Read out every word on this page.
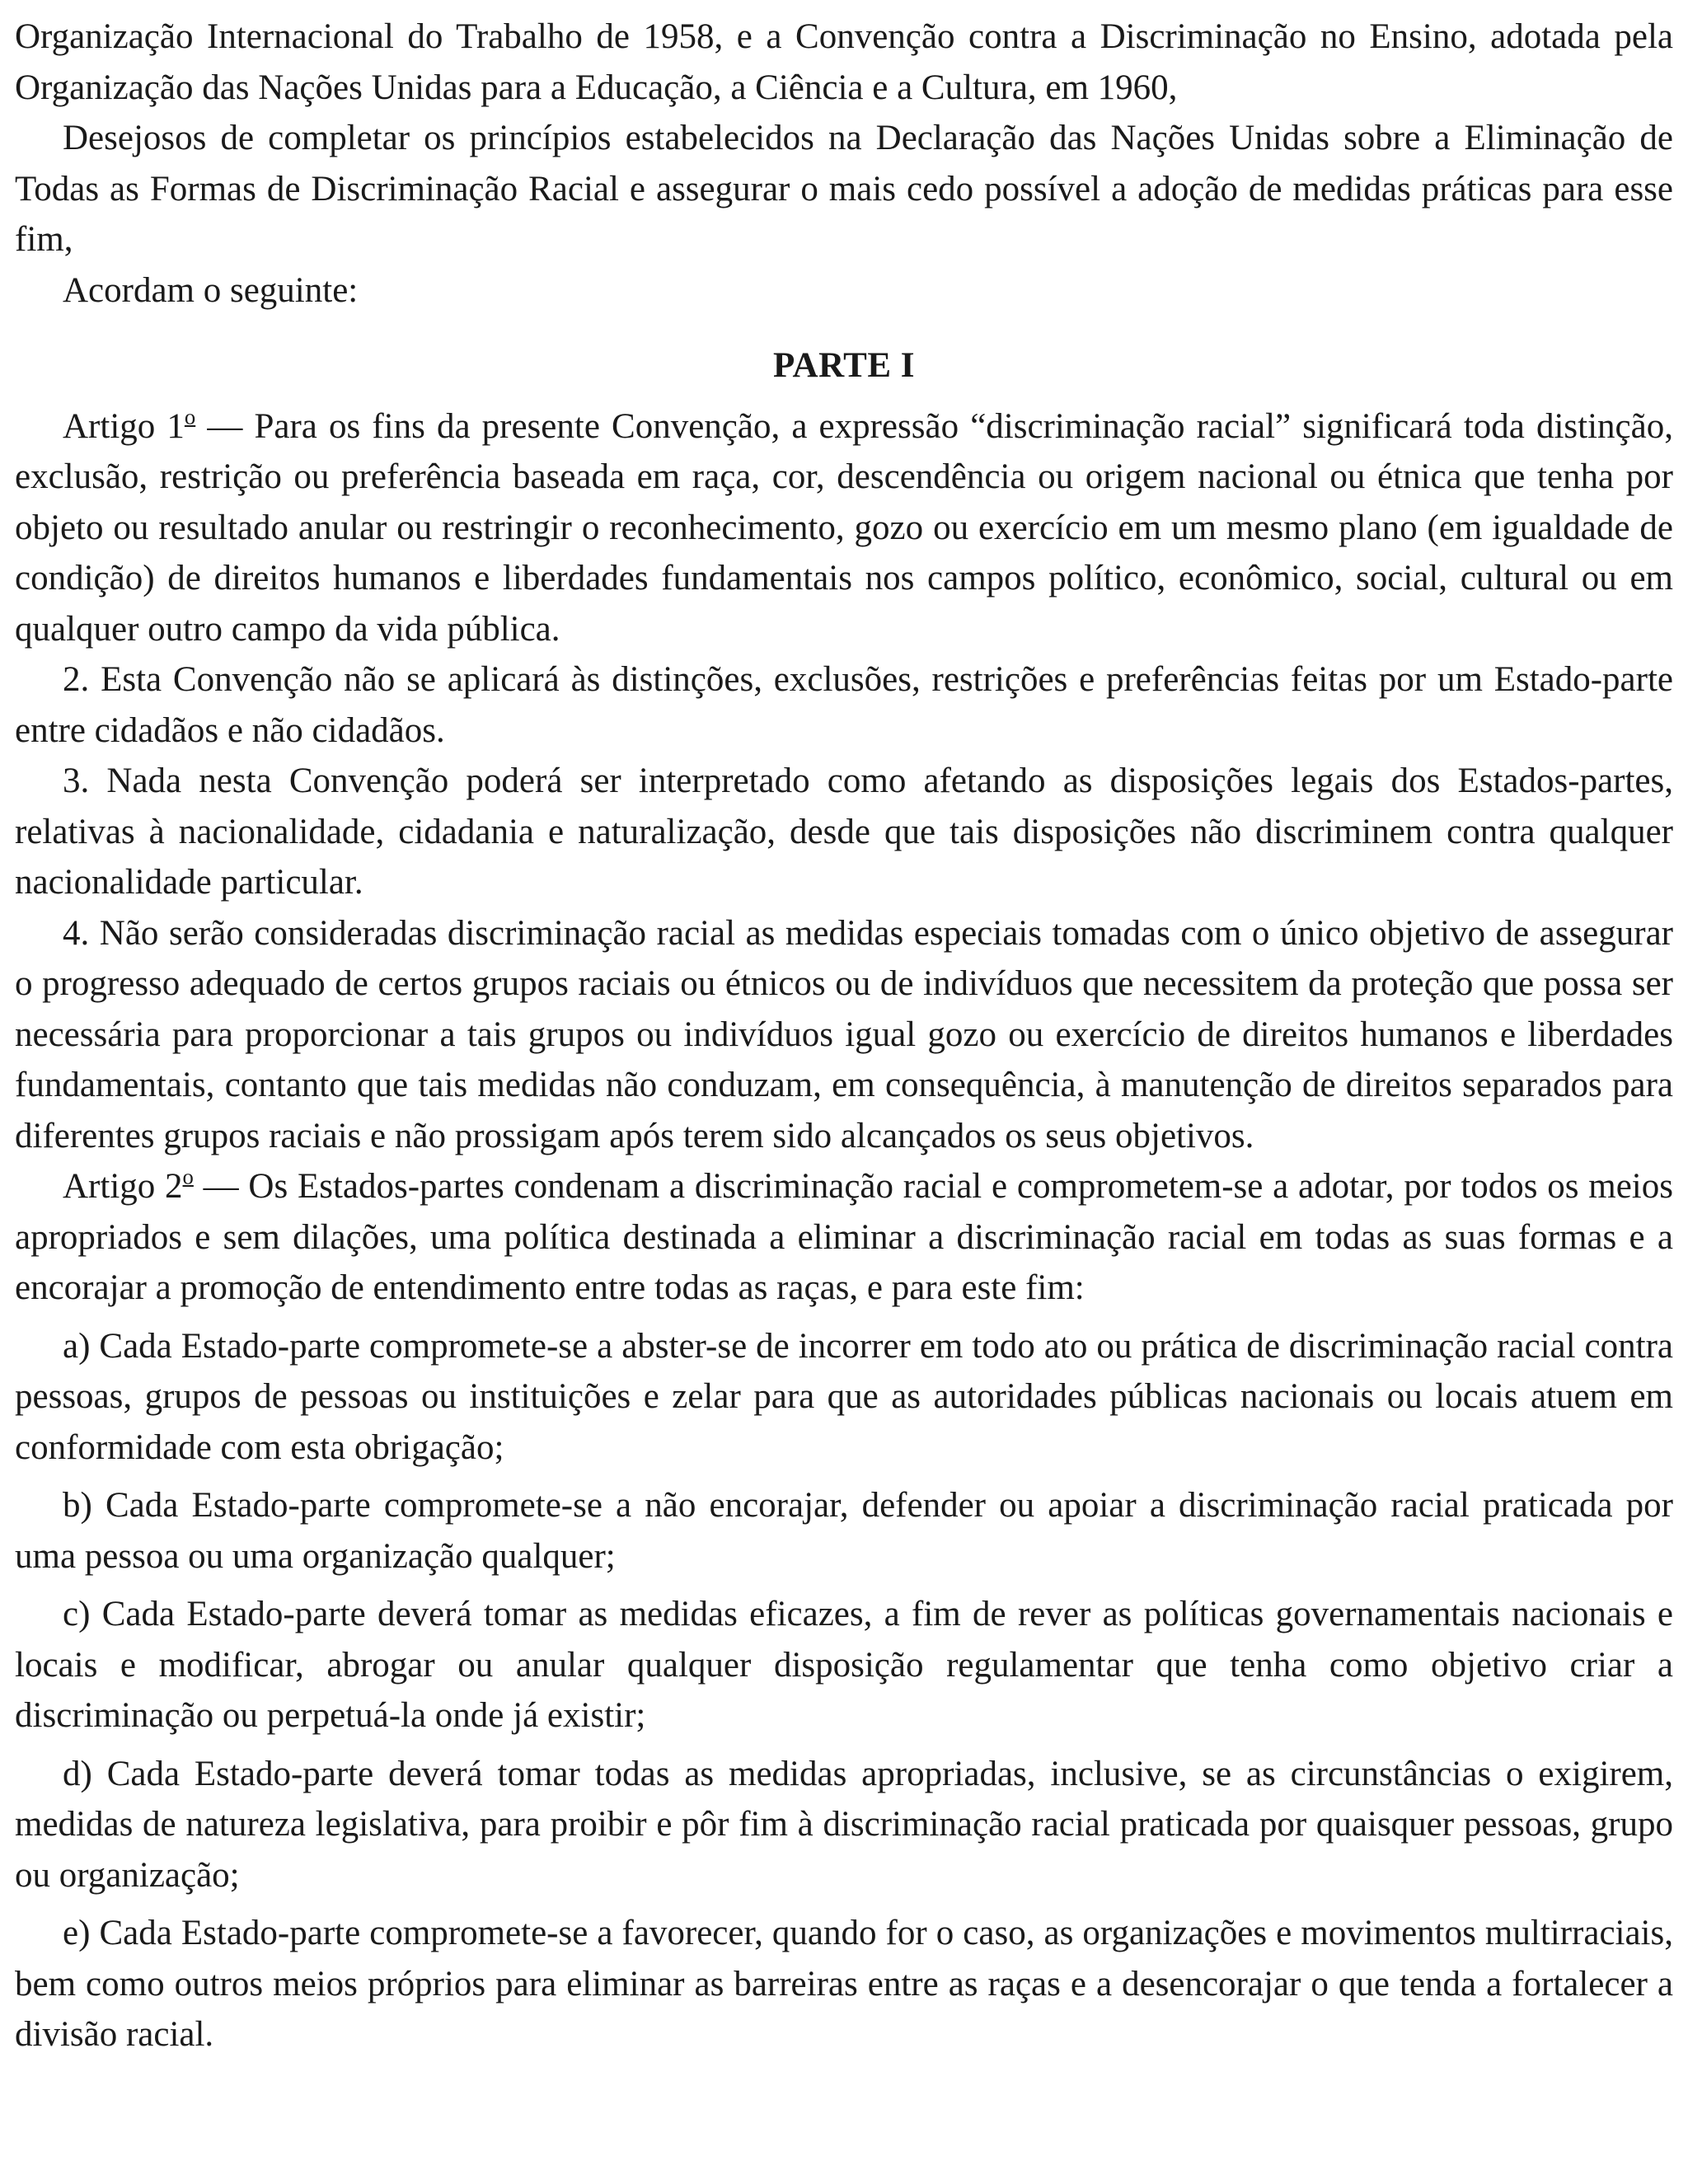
Organização Internacional do Trabalho de 1958, e a Convenção contra a Discriminação no Ensino, adotada pela Organização das Nações Unidas para a Educação, a Ciência e a Cultura, em 1960,

Desejosos de completar os princípios estabelecidos na Declaração das Nações Unidas sobre a Eliminação de Todas as Formas de Discriminação Racial e assegurar o mais cedo possível a adoção de medidas práticas para esse fim,

Acordam o seguinte:

PARTE I

Artigo 1$^o$ — Para os fins da presente Convenção, a expressão “discriminação racial” significará toda distinção, exclusão, restrição ou preferência baseada em raça, cor, descendência ou origem nacional ou étnica que tenha por objeto ou resultado anular ou restringir o reconhecimento, gozo ou exercício em um mesmo plano (em igualdade de condição) de direitos humanos e liberdades fundamentais nos campos político, econômico, social, cultural ou em qualquer outro campo da vida pública.

2. Esta Convenção não se aplicará às distinções, exclusões, restrições e preferências feitas por um Estado-parte entre cidadãos e não cidadãos.

3. Nada nesta Convenção poderá ser interpretado como afetando as disposições legais dos Estados-partes, relativas à nacionalidade, cidadania e naturalização, desde que tais disposições não discriminem contra qualquer nacionalidade particular.

4. Não serão consideradas discriminação racial as medidas especiais tomadas com o único objetivo de assegurar o progresso adequado de certos grupos raciais ou étnicos ou de indivíduos que necessitem da proteção que possa ser necessária para proporcionar a tais grupos ou indivíduos igual gozo ou exercício de direitos humanos e liberdades fundamentais, contanto que tais medidas não conduzam, em consequência, à manutenção de direitos separados para diferentes grupos raciais e não prossigam após terem sido alcançados os seus objetivos.

Artigo 2$^o$ — Os Estados-partes condenam a discriminação racial e comprometem-se a adotar, por todos os meios apropriados e sem dilações, uma política destinada a eliminar a discriminação racial em todas as suas formas e a encorajar a promoção de entendimento entre todas as raças, e para este fim:

a) Cada Estado-parte compromete-se a abster-se de incorrer em todo ato ou prática de discriminação racial contra pessoas, grupos de pessoas ou instituições e zelar para que as autoridades públicas nacionais ou locais atuem em conformidade com esta obrigação;

b) Cada Estado-parte compromete-se a não encorajar, defender ou apoiar a discriminação racial praticada por uma pessoa ou uma organização qualquer;

c) Cada Estado-parte deverá tomar as medidas eficazes, a fim de rever as políticas governamentais nacionais e locais e modificar, abrogar ou anular qualquer disposição regulamentar que tenha como objetivo criar a discriminação ou perpetuá-la onde já existir;

d) Cada Estado-parte deverá tomar todas as medidas apropriadas, inclusive, se as circunstâncias o exigirem, medidas de natureza legislativa, para proibir e pôr fim à discriminação racial praticada por quaisquer pessoas, grupo ou organização;

e) Cada Estado-parte compromete-se a favorecer, quando for o caso, as organizações e movimentos multirraciais, bem como outros meios próprios para eliminar as barreiras entre as raças e a desencorajar o que tenda a fortalecer a divisão racial.
